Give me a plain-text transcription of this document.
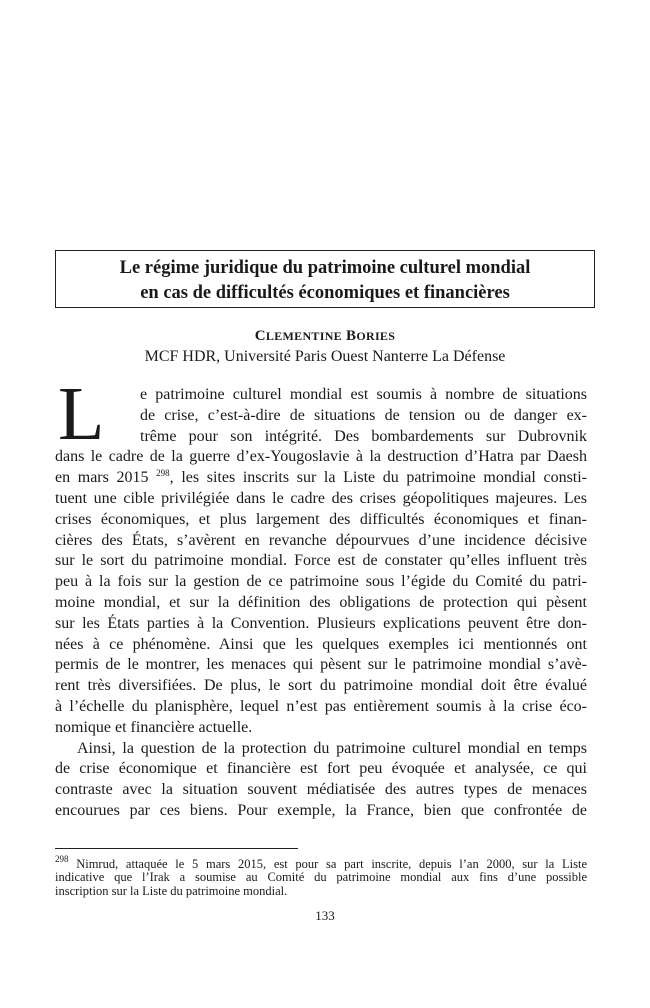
Le régime juridique du patrimoine culturel mondial
en cas de difficultés économiques et financières
CLEMENTINE BORIES
MCF HDR, Université Paris Ouest Nanterre La Défense
L e patrimoine culturel mondial est soumis à nombre de situations
de crise, c’est-à-dire de situations de tension ou de danger ex-
trême pour son intégrité. Des bombardements sur Dubrovnik
dans le cadre de la guerre d’ex-Yougoslavie à la destruction d’Hatra par Daesh
en mars 2015 $^{298}$, les sites inscrits sur la Liste du patrimoine mondial consti-
tuent une cible privilégiée dans le cadre des crises géopolitiques majeures. Les
crises économiques, et plus largement des difficultés économiques et finan-
cières des États, s’avèrent en revanche dépourvues d’une incidence décisive
sur le sort du patrimoine mondial. Force est de constater qu’elles influent très
peu à la fois sur la gestion de ce patrimoine sous l’égide du Comité du patri-
moine mondial, et sur la définition des obligations de protection qui pèsent
sur les États parties à la Convention. Plusieurs explications peuvent être don-
nées à ce phénomène. Ainsi que les quelques exemples ici mentionnés ont
permis de le montrer, les menaces qui pèsent sur le patrimoine mondial s’avè-
rent très diversifiées. De plus, le sort du patrimoine mondial doit être évalué
à l’échelle du planisphère, lequel n’est pas entièrement soumis à la crise éco-
nomique et financière actuelle.
Ainsi, la question de la protection du patrimoine culturel mondial en temps
de crise économique et financière est fort peu évoquée et analysée, ce qui
contraste avec la situation souvent médiatisée des autres types de menaces
encourues par ces biens. Pour exemple, la France, bien que confrontée de
$^{298}$ Nimrud, attaquée le 5 mars 2015, est pour sa part inscrite, depuis l’an 2000, sur la Liste
indicative que l’Irak a soumise au Comité du patrimoine mondial aux fins d’une possible
inscription sur la Liste du patrimoine mondial.
133
